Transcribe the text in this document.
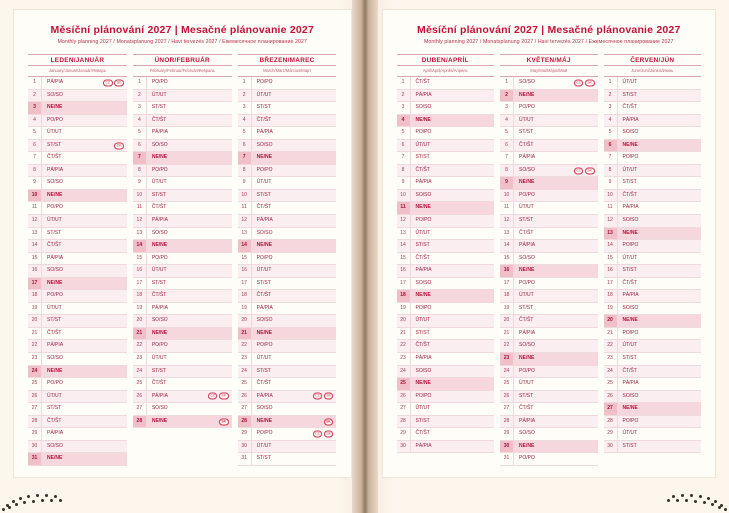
Měsíční plánování 2027 | Mesačné plánovanie 2027
Monthly planning 2027 / Monatsplanung 2027 / Havi tervezés 2027 / Ежемесячное планирование 2027
LEDEN/JANUÁR
January/Januar/Január/Январь
1	PÁ/PIA CZ SK

2	SO/SO
3	NE/NE
4	PO/PO
5	ÚT/UT
6	ST/ST SK

7	ČT/ŠT
8	PÁ/PIA
9	SO/SO
10	NE/NE
11	PO/PO
12	ÚT/UT
13	ST/ST
14	ČT/ŠT
15	PÁ/PIA
16	SO/SO
17	NE/NE
18	PO/PO
19	ÚT/UT
20	ST/ST
21	ČT/ŠT
22	PÁ/PIA
23	SO/SO
24	NE/NE
25	PO/PO
26	ÚT/UT
27	ST/ST
28	ČT/ŠT
29	PÁ/PIA
30	SO/SO
31	NE/NE
ÚNOR/FEBRUÁR
February/Februar/Február/Февраль
1	PO/PO
2	ÚT/UT
3	ST/ST
4	ČT/ŠT
5	PÁ/PIA
6	SO/SO
7	NE/NE
8	PO/PO
9	ÚT/UT
10	ST/ST
11	ČT/ŠT
12	PÁ/PIA
13	SO/SO
14	NE/NE
15	PO/PO
16	ÚT/UT
17	ST/ST
18	ČT/ŠT
19	PÁ/PIA
20	SO/SO
21	NE/NE
22	PO/PO
23	ÚT/UT
24	ST/ST
25	ČT/ŠT
26	PÁ/PIA CZ SK

27	SO/SO
28	NE/NE SK
BŘEZEN/MAREC
March/März/Március/Март
1	PO/PO
2	ÚT/UT
3	ST/ST
4	ČT/ŠT
5	PÁ/PIA
6	SO/SO
7	NE/NE
8	PO/PO
9	ÚT/UT
10	ST/ST
11	ČT/ŠT
12	PÁ/PIA
13	SO/SO
14	NE/NE
15	PO/PO
16	ÚT/UT
17	ST/ST
18	ČT/ŠT
19	PÁ/PIA
20	SO/SO
21	NE/NE
22	PO/PO
23	ÚT/UT
24	ST/ST
25	ČT/ŠT
26	PÁ/PIA CZ SK

27	SO/SO
28	NE/NE SK

29	PO/PO CZ SK

30	ÚT/UT
31	ST/ST
Měsíční plánování 2027 | Mesačné plánovanie 2027
Monthly planning 2027 / Monatsplanung 2027 / Havi tervezés 2027 / Ежемесячное планирование 2027
DUBEN/APRÍL
April/April/Április/Апрель
1	ČT/ŠT
2	PÁ/PIA
3	SO/SO
4	NE/NE
5	PO/PO
6	ÚT/UT
7	ST/ST
8	ČT/ŠT
9	PÁ/PIA
10	SO/SO
11	NE/NE
12	PO/PO
13	ÚT/UT
14	ST/ST
15	ČT/ŠT
16	PÁ/PIA
17	SO/SO
18	NE/NE
19	PO/PO
20	ÚT/UT
21	ST/ST
22	ČT/ŠT
23	PÁ/PIA
24	SO/SO
25	NE/NE
26	PO/PO
27	ÚT/UT
28	ST/ST
29	ČT/ŠT
30	PÁ/PIA
KVĚTEN/MÁJ
May/Mai/Május/Май
1	SO/SO CZ SK

2	NE/NE
3	PO/PO
4	ÚT/UT
5	ST/ST
6	ČT/ŠT
7	PÁ/PIA
8	SO/SO CZ SK

9	NE/NE
10	PO/PO
11	ÚT/UT
12	ST/ST
13	ČT/ŠT
14	PÁ/PIA
15	SO/SO
16	NE/NE
17	PO/PO
18	ÚT/UT
19	ST/ST
20	ČT/ŠT
21	PÁ/PIA
22	SO/SO
23	NE/NE
24	PO/PO
25	ÚT/UT
26	ST/ST
27	ČT/ŠT
28	PÁ/PIA
29	SO/SO
30	NE/NE
31	PO/PO
ČERVEN/JÚN
June/Juni/Június/Июнь
1	ÚT/UT
2	ST/ST
3	ČT/ŠT
4	PÁ/PIA
5	SO/SO
6	NE/NE
7	PO/PO
8	ÚT/UT
9	ST/ST
10	ČT/ŠT
11	PÁ/PIA
12	SO/SO
13	NE/NE
14	PO/PO
15	ÚT/UT
16	ST/ST
17	ČT/ŠT
18	PÁ/PIA
19	SO/SO
20	NE/NE
21	PO/PO
22	ÚT/UT
23	ST/ST
24	ČT/ŠT
25	PÁ/PIA
26	SO/SO
27	NE/NE
28	PO/PO
29	ÚT/UT
30	ST/ST
